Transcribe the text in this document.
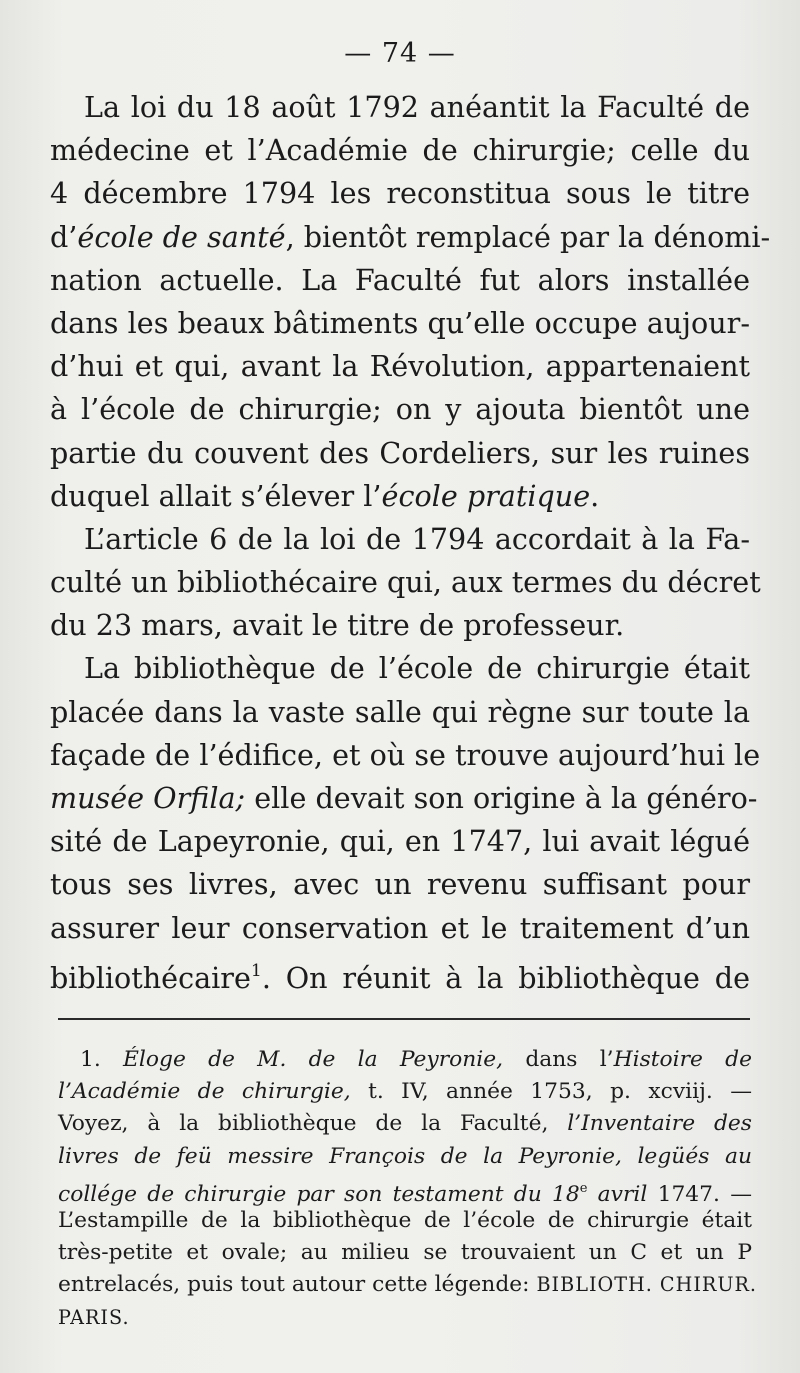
— 74 —
La loi du 18 août 1792 anéantit la Faculté de
médecine et l’Académie de chirurgie; celle du
4 décembre 1794 les reconstitua sous le titre
d’école de santé, bientôt remplacé par la dénomi-
nation actuelle. La Faculté fut alors installée
dans les beaux bâtiments qu’elle occupe aujour-
d’hui et qui, avant la Révolution, appartenaient
à l’école de chirurgie; on y ajouta bientôt une
partie du couvent des Cordeliers, sur les ruines
duquel allait s’élever l’école pratique.
L’article 6 de la loi de 1794 accordait à la Fa-
culté un bibliothécaire qui, aux termes du décret
du 23 mars, avait le titre de professeur.
La bibliothèque de l’école de chirurgie était
placée dans la vaste salle qui règne sur toute la
façade de l’édifice, et où se trouve aujourd’hui le
musée Orfila; elle devait son origine à la généro-
sité de Lapeyronie, qui, en 1747, lui avait légué
tous ses livres, avec un revenu suffisant pour
assurer leur conservation et le traitement d’un
bibliothécaire$^1$. On réunit à la bibliothèque de
1. Éloge de M. de la Peyronie, dans l’Histoire de
l’Académie de chirurgie, t. IV, année 1753, p. xcviij. —
Voyez, à la bibliothèque de la Faculté, l’Inventaire des
livres de feü messire François de la Peyronie, legüés au
collége de chirurgie par son testament du 18e avril 1747. —
L’estampille de la bibliothèque de l’école de chirurgie était
très-petite et ovale; au milieu se trouvaient un C et un P
entrelacés, puis tout autour cette légende: BIBLIOTH. CHIRUR.
PARIS.
